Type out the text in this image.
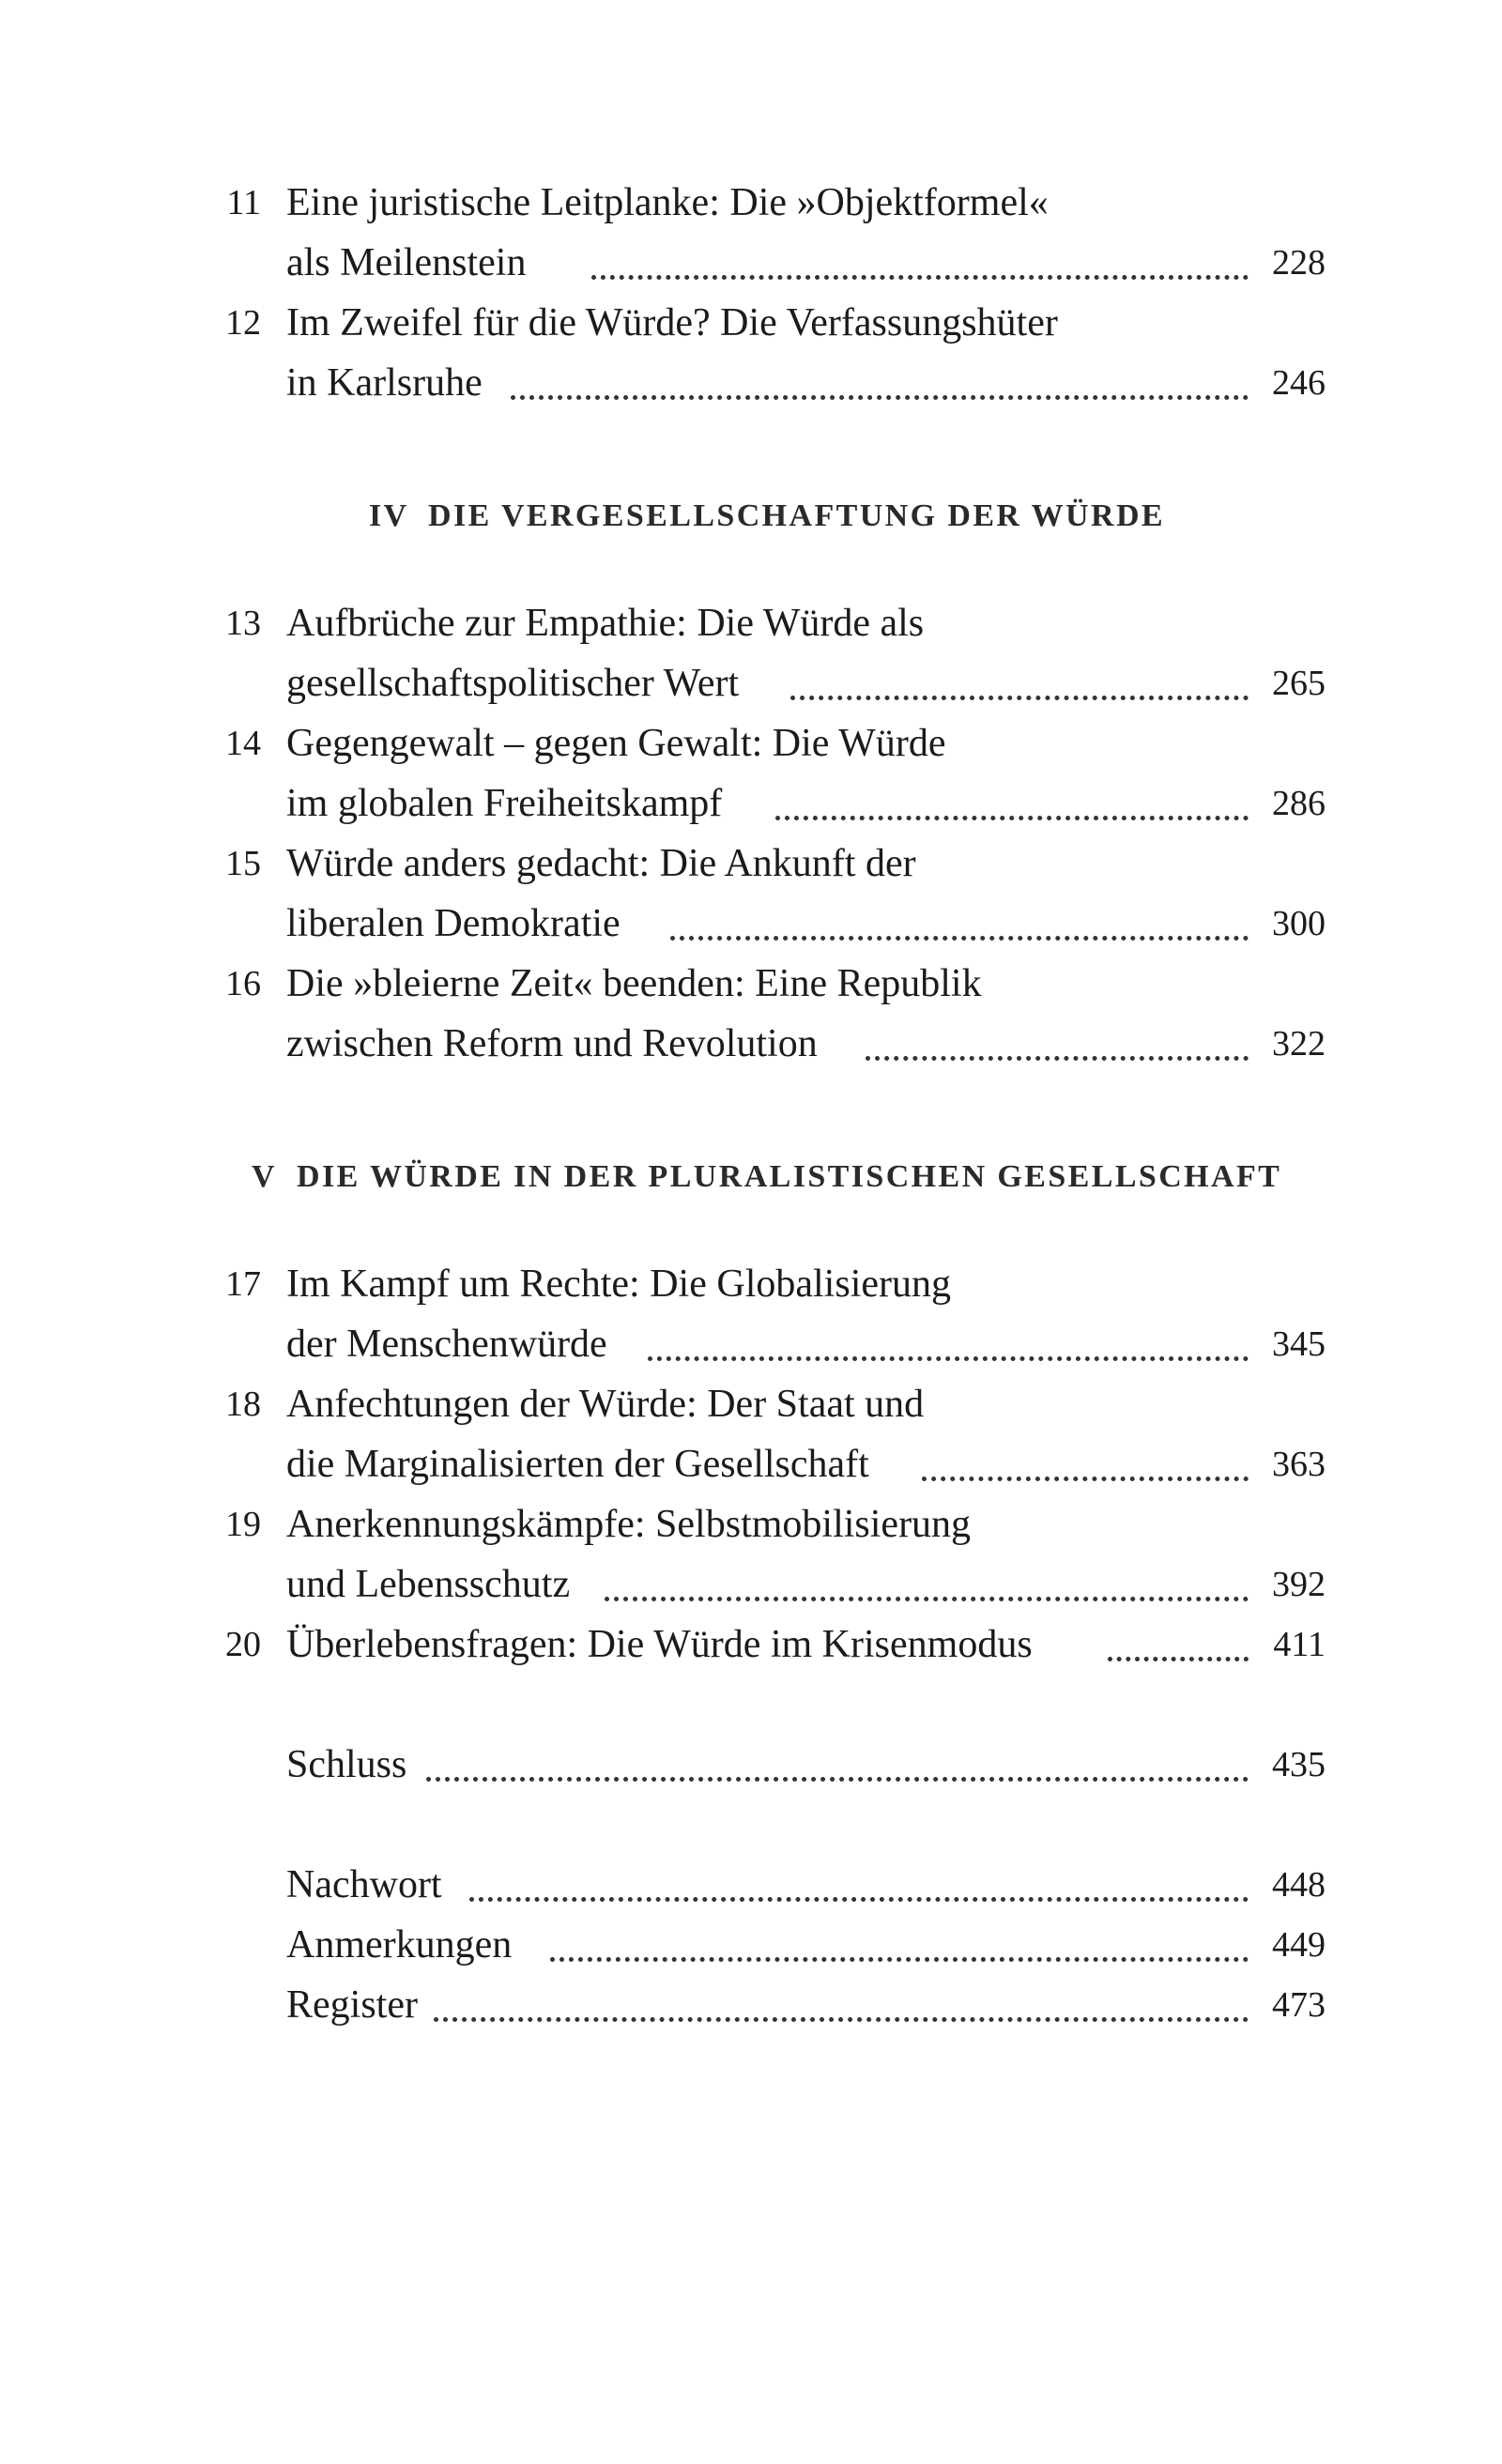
11 Eine juristische Leitplanke: Die »Objektformel«
als Meilenstein	228
12 Im Zweifel für die Würde? Die Verfassungshüter
in Karlsruhe	246
IV DIE VERGESELLSCHAFTUNG DER WÜRDE
13 Aufbrüche zur Empathie: Die Würde als
gesellschaftspolitischer Wert	265
14 Gegengewalt – gegen Gewalt: Die Würde
im globalen Freiheitskampf	286
15 Würde anders gedacht: Die Ankunft der
liberalen Demokratie	300
16 Die »bleierne Zeit« beenden: Eine Republik
zwischen Reform und Revolution	322
V DIE WÜRDE IN DER PLURALISTISCHEN GESELLSCHAFT
17 Im Kampf um Rechte: Die Globalisierung
der Menschenwürde	345
18 Anfechtungen der Würde: Der Staat und
die Marginalisierten der Gesellschaft	363
19 Anerkennungskämpfe: Selbstmobilisierung
und Lebensschutz	392
20 Überlebensfragen: Die Würde im Krisenmodus	411
Schluss	435
Nachwort	448
Anmerkungen	449
Register	473
